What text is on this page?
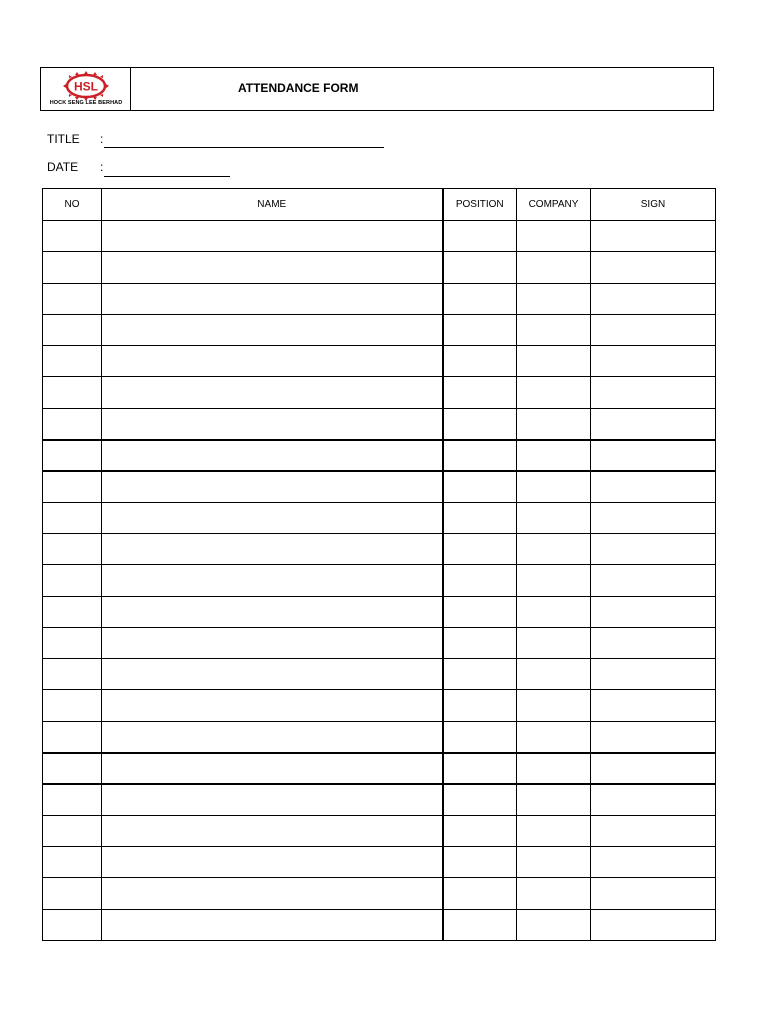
HSL
HOCK SENG LEE BERHAD
ATTENDANCE FORM
TITLE :
DATE :
NO	NAME	POSITION	COMPANY	SIGN
